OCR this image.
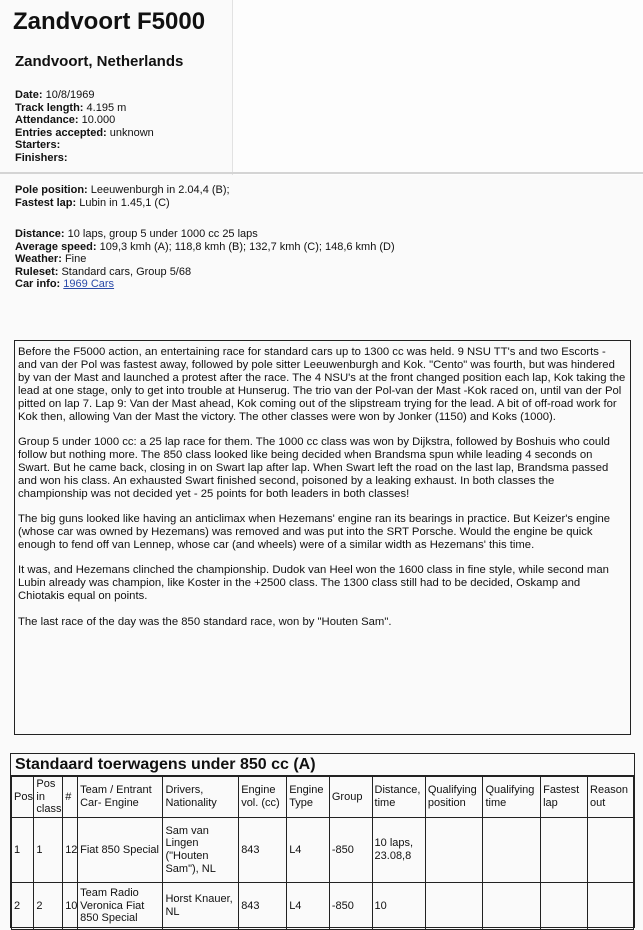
Zandvoort F5000
Zandvoort, Netherlands
Date: 10/8/1969
Track length: 4.195 m
Attendance: 10.000
Entries accepted: unknown
Starters:
Finishers:
Pole position: Leeuwenburgh in 2.04,4 (B);
Fastest lap: Lubin in 1.45,1 (C)
Distance: 10 laps, group 5 under 1000 cc 25 laps
Average speed: 109,3 kmh (A); 118,8 kmh (B); 132,7 kmh (C); 148,6 kmh (D)
Weather: Fine
Ruleset: Standard cars, Group 5/68
Car info: 1969 Cars

Before the F5000 action, an entertaining race for standard cars up to 1300 cc was held. 9 NSU TT's and two Escorts - and van der Pol was fastest away, followed by pole sitter Leeuwenburgh and Kok. "Cento" was fourth, but was hindered by van der Mast and launched a protest after the race. The 4 NSU's at the front changed position each lap, Kok taking the lead at one stage, only to get into trouble at Hunserug. The trio van der Pol-van der Mast -Kok raced on, until van der Pol pitted on lap 7. Lap 9: Van der Mast ahead, Kok coming out of the slipstream trying for the lead. A bit of off-road work for Kok then, allowing Van der Mast the victory. The other classes were won by Jonker (1150) and Koks (1000).

Group 5 under 1000 cc: a 25 lap race for them. The 1000 cc class was won by Dijkstra, followed by Boshuis who could follow but nothing more. The 850 class looked like being decided when Brandsma spun while leading 4 seconds on Swart. But he came back, closing in on Swart lap after lap. When Swart left the road on the last lap, Brandsma passed and won his class. An exhausted Swart finished second, poisoned by a leaking exhaust. In both classes the championship was not decided yet - 25 points for both leaders in both classes!

The big guns looked like having an anticlimax when Hezemans' engine ran its bearings in practice. But Keizer's engine (whose car was owned by Hezemans) was removed and was put into the SRT Porsche. Would the engine be quick enough to fend off van Lennep, whose car (and wheels) were of a similar width as Hezemans' this time.

It was, and Hezemans clinched the championship. Dudok van Heel won the 1600 class in fine style, while second man Lubin already was champion, like Koster in the +2500 class. The 1300 class still had to be decided, Oskamp and Chiotakis equal on points.

The last race of the day was the 850 standard race, won by "Houten Sam".

Standaard toerwagens under 850 cc (A)
Pos	Pos in class	#	Team / Entrant Car- Engine	Drivers, Nationality	Engine vol. (cc)	Engine Type	Group	Distance, time	Qualifying position	Qualifying time	Fastest lap	Reason out
1	1	12	Fiat 850 Special	Sam van Lingen ("Houten Sam"), NL	843	L4	-850	10 laps, 23.08,8				
2	2	10	Team Radio Veronica Fiat 850 Special	Horst Knauer, NL	843	L4	-850	10				
